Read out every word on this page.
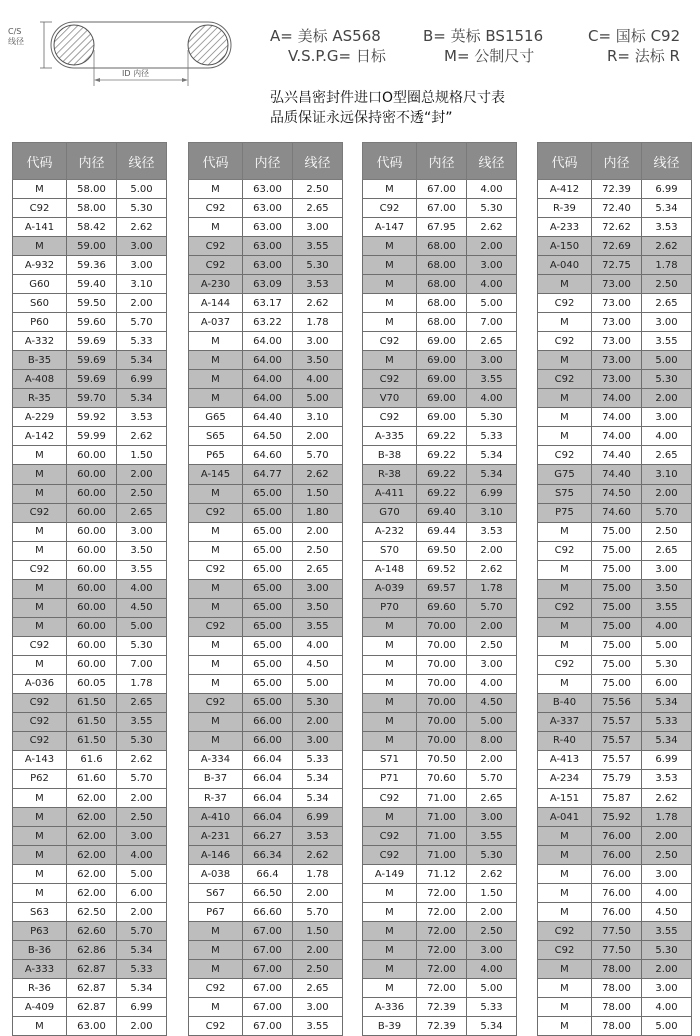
C/S
线径
ID 内径
A= 美标 AS568	B= 英标 BS1516	C= 国标 C92
V.S.P.G= 日标	M= 公制尺寸	R= 法标 R
弘兴昌密封件进口O型圈总规格尺寸表
品质保证永远保持密不透“封”
代码	内径	线径
M	58.00	5.00
C92	58.00	5.30
A-141	58.42	2.62
M	59.00	3.00
A-932	59.36	3.00
G60	59.40	3.10
S60	59.50	2.00
P60	59.60	5.70
A-332	59.69	5.33
B-35	59.69	5.34
A-408	59.69	6.99
R-35	59.70	5.34
A-229	59.92	3.53
A-142	59.99	2.62
M	60.00	1.50
M	60.00	2.00
M	60.00	2.50
C92	60.00	2.65
M	60.00	3.00
M	60.00	3.50
C92	60.00	3.55
M	60.00	4.00
M	60.00	4.50
M	60.00	5.00
C92	60.00	5.30
M	60.00	7.00
A-036	60.05	1.78
C92	61.50	2.65
C92	61.50	3.55
C92	61.50	5.30
A-143	61.6	2.62
P62	61.60	5.70
M	62.00	2.00
M	62.00	2.50
M	62.00	3.00
M	62.00	4.00
M	62.00	5.00
M	62.00	6.00
S63	62.50	2.00
P63	62.60	5.70
B-36	62.86	5.34
A-333	62.87	5.33
R-36	62.87	5.34
A-409	62.87	6.99
M	63.00	2.00
代码	内径	线径
M	63.00	2.50
C92	63.00	2.65
M	63.00	3.00
C92	63.00	3.55
C92	63.00	5.30
A-230	63.09	3.53
A-144	63.17	2.62
A-037	63.22	1.78
M	64.00	3.00
M	64.00	3.50
M	64.00	4.00
M	64.00	5.00
G65	64.40	3.10
S65	64.50	2.00
P65	64.60	5.70
A-145	64.77	2.62
M	65.00	1.50
C92	65.00	1.80
M	65.00	2.00
M	65.00	2.50
C92	65.00	2.65
M	65.00	3.00
M	65.00	3.50
C92	65.00	3.55
M	65.00	4.00
M	65.00	4.50
M	65.00	5.00
C92	65.00	5.30
M	66.00	2.00
M	66.00	3.00
A-334	66.04	5.33
B-37	66.04	5.34
R-37	66.04	5.34
A-410	66.04	6.99
A-231	66.27	3.53
A-146	66.34	2.62
A-038	66.4	1.78
S67	66.50	2.00
P67	66.60	5.70
M	67.00	1.50
M	67.00	2.00
M	67.00	2.50
C92	67.00	2.65
M	67.00	3.00
C92	67.00	3.55
代码	内径	线径
M	67.00	4.00
C92	67.00	5.30
A-147	67.95	2.62
M	68.00	2.00
M	68.00	3.00
M	68.00	4.00
M	68.00	5.00
M	68.00	7.00
C92	69.00	2.65
M	69.00	3.00
C92	69.00	3.55
V70	69.00	4.00
C92	69.00	5.30
A-335	69.22	5.33
B-38	69.22	5.34
R-38	69.22	5.34
A-411	69.22	6.99
G70	69.40	3.10
A-232	69.44	3.53
S70	69.50	2.00
A-148	69.52	2.62
A-039	69.57	1.78
P70	69.60	5.70
M	70.00	2.00
M	70.00	2.50
M	70.00	3.00
M	70.00	4.00
M	70.00	4.50
M	70.00	5.00
M	70.00	8.00
S71	70.50	2.00
P71	70.60	5.70
C92	71.00	2.65
M	71.00	3.00
C92	71.00	3.55
C92	71.00	5.30
A-149	71.12	2.62
M	72.00	1.50
M	72.00	2.00
M	72.00	2.50
M	72.00	3.00
M	72.00	4.00
M	72.00	5.00
A-336	72.39	5.33
B-39	72.39	5.34
代码	内径	线径
A-412	72.39	6.99
R-39	72.40	5.34
A-233	72.62	3.53
A-150	72.69	2.62
A-040	72.75	1.78
M	73.00	2.50
C92	73.00	2.65
M	73.00	3.00
C92	73.00	3.55
M	73.00	5.00
C92	73.00	5.30
M	74.00	2.00
M	74.00	3.00
M	74.00	4.00
C92	74.40	2.65
G75	74.40	3.10
S75	74.50	2.00
P75	74.60	5.70
M	75.00	2.50
C92	75.00	2.65
M	75.00	3.00
M	75.00	3.50
C92	75.00	3.55
M	75.00	4.00
M	75.00	5.00
C92	75.00	5.30
M	75.00	6.00
B-40	75.56	5.34
A-337	75.57	5.33
R-40	75.57	5.34
A-413	75.57	6.99
A-234	75.79	3.53
A-151	75.87	2.62
A-041	75.92	1.78
M	76.00	2.00
M	76.00	2.50
M	76.00	3.00
M	76.00	4.00
M	76.00	4.50
C92	77.50	3.55
C92	77.50	5.30
M	78.00	2.00
M	78.00	3.00
M	78.00	4.00
M	78.00	5.00
